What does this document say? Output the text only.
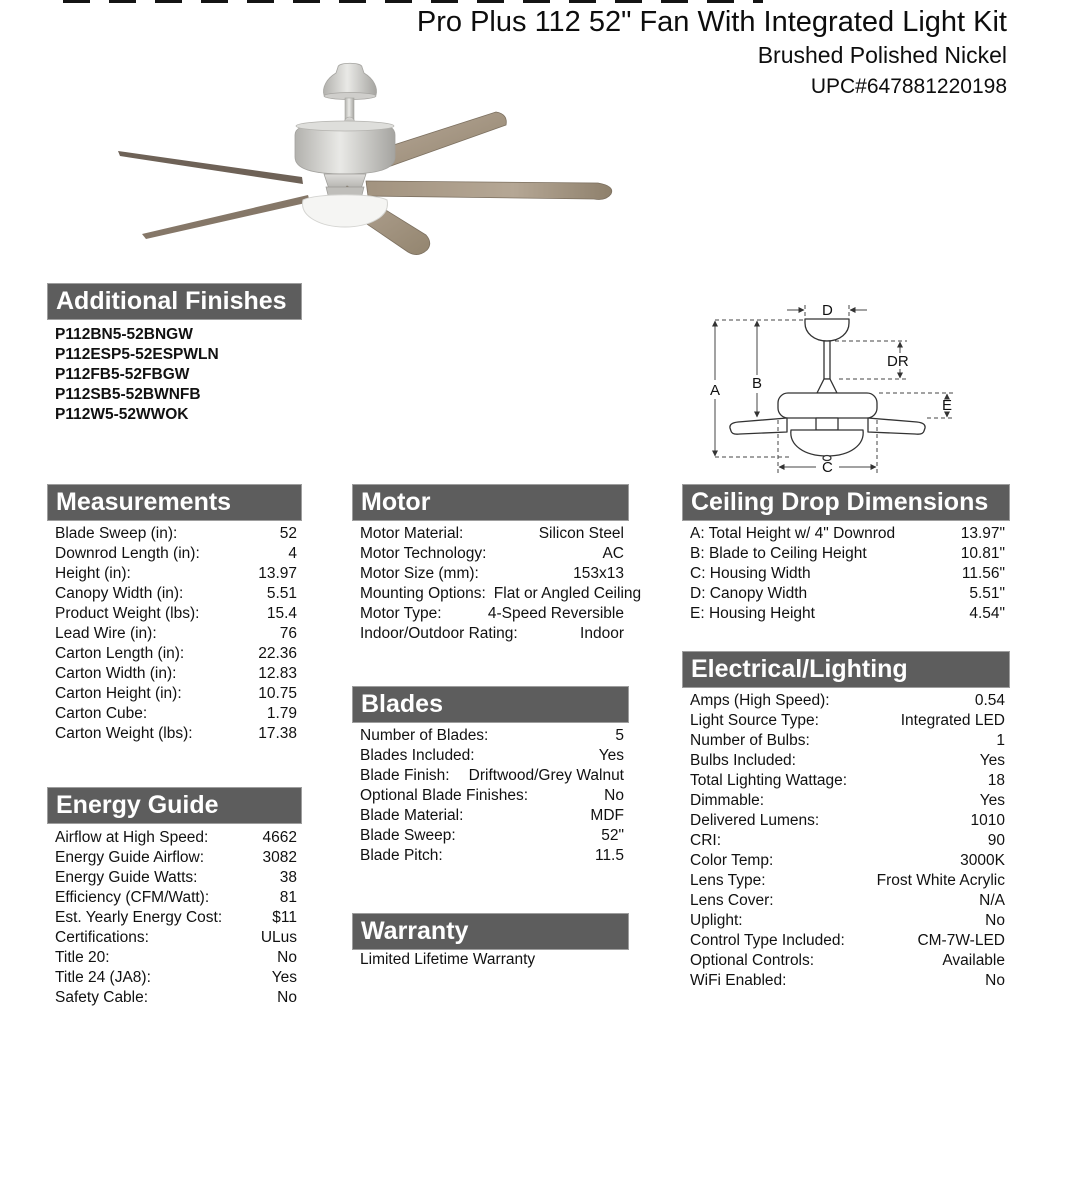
Pro Plus 112 52" Fan With Integrated Light Kit
Brushed Polished Nickel
UPC#647881220198
A B
C
D
E
DR
Additional Finishes
P112BN5-52BNGW
P112ESP5-52ESPWLN
P112FB5-52FBGW
P112SB5-52BWNFB
P112W5-52WWOK
Measurements
Blade Sweep (in):	52
Downrod Length (in):	4
Height (in):	13.97
Canopy Width (in):	5.51
Product Weight (lbs):	15.4
Lead Wire (in):	76
Carton Length (in):	22.36
Carton Width (in):	12.83
Carton Height (in):	10.75
Carton Cube:	1.79
Carton Weight (lbs):	17.38
Energy Guide
Airflow at High Speed:	4662
Energy Guide Airflow:	3082
Energy Guide Watts:	38
Efficiency (CFM/Watt):	81
Est. Yearly Energy Cost:	$11
Certifications:	ULus
Title 20:	No
Title 24 (JA8):	Yes
Safety Cable:	No
Motor
Motor Material:	Silicon Steel
Motor Technology:	AC
Motor Size (mm):	153x13
Mounting Options: Flat or Angled Ceiling
Motor Type:	4-Speed Reversible
Indoor/Outdoor Rating:	Indoor
Blades
Number of Blades:	5
Blades Included:	Yes
Blade Finish: Driftwood/Grey Walnut
Optional Blade Finishes:	No
Blade Material:	MDF
Blade Sweep:	52"
Blade Pitch:	11.5
Warranty
Limited Lifetime Warranty
Ceiling Drop Dimensions
A: Total Height w/ 4" Downrod	13.97"
B: Blade to Ceiling Height	10.81"
C: Housing Width	11.56"
D: Canopy Width	5.51"
E: Housing Height	4.54"
Electrical/Lighting
Amps (High Speed):	0.54
Light Source Type:	Integrated LED
Number of Bulbs:	1
Bulbs Included:	Yes
Total Lighting Wattage:	18
Dimmable:	Yes
Delivered Lumens:	1010
CRI:	90
Color Temp:	3000K
Lens Type:	Frost White Acrylic
Lens Cover:	N/A
Uplight:	No
Control Type Included:	CM-7W-LED
Optional Controls:	Available
WiFi Enabled:	No
